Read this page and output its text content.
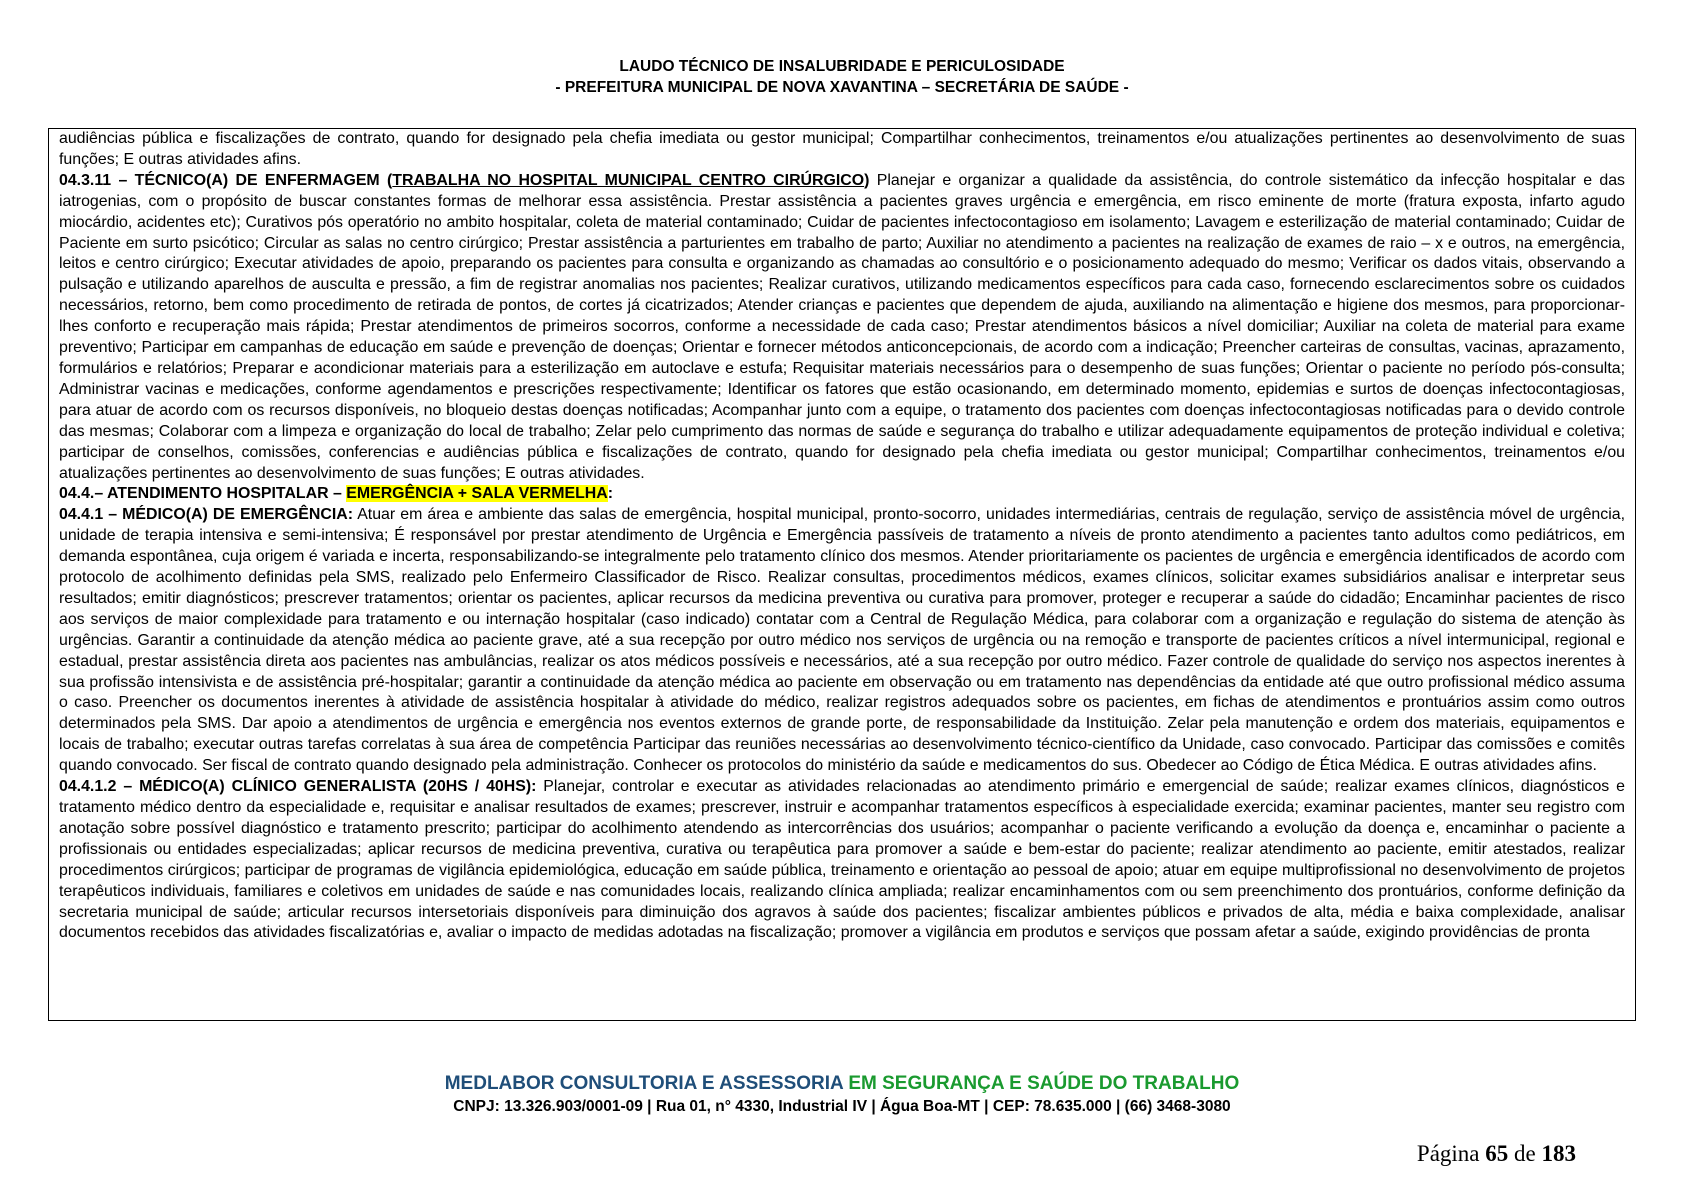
LAUDO TÉCNICO DE INSALUBRIDADE E PERICULOSIDADE
- PREFEITURA MUNICIPAL DE NOVA XAVANTINA – SECRETÁRIA DE SAÚDE -

audiências pública e fiscalizações de contrato, quando for designado pela chefia imediata ou gestor municipal; Compartilhar conhecimentos, treinamentos e/ou atualizações pertinentes ao desenvolvimento de suas funções; E outras atividades afins.

04.3.11 – TÉCNICO(A) DE ENFERMAGEM (TRABALHA NO HOSPITAL MUNICIPAL CENTRO CIRÚRGICO) Planejar e organizar a qualidade da assistência, do controle sistemático da infecção hospitalar e das iatrogenias, com o propósito de buscar constantes formas de melhorar essa assistência. Prestar assistência a pacientes graves urgência e emergência, em risco eminente de morte (fratura exposta, infarto agudo miocárdio, acidentes etc); Curativos pós operatório no ambito hospitalar, coleta de material contaminado; Cuidar de pacientes infectocontagioso em isolamento; Lavagem e esterilização de material contaminado; Cuidar de Paciente em surto psicótico; Circular as salas no centro cirúrgico; Prestar assistência a parturientes em trabalho de parto; Auxiliar no atendimento a pacientes na realização de exames de raio – x e outros, na emergência, leitos e centro cirúrgico; Executar atividades de apoio, preparando os pacientes para consulta e organizando as chamadas ao consultório e o posicionamento adequado do mesmo; Verificar os dados vitais, observando a pulsação e utilizando aparelhos de ausculta e pressão, a fim de registrar anomalias nos pacientes; Realizar curativos, utilizando medicamentos específicos para cada caso, fornecendo esclarecimentos sobre os cuidados necessários, retorno, bem como procedimento de retirada de pontos, de cortes já cicatrizados; Atender crianças e pacientes que dependem de ajuda, auxiliando na alimentação e higiene dos mesmos, para proporcionar-lhes conforto e recuperação mais rápida; Prestar atendimentos de primeiros socorros, conforme a necessidade de cada caso; Prestar atendimentos básicos a nível domiciliar; Auxiliar na coleta de material para exame preventivo; Participar em campanhas de educação em saúde e prevenção de doenças; Orientar e fornecer métodos anticoncepcionais, de acordo com a indicação; Preencher carteiras de consultas, vacinas, aprazamento, formulários e relatórios; Preparar e acondicionar materiais para a esterilização em autoclave e estufa; Requisitar materiais necessários para o desempenho de suas funções; Orientar o paciente no período pós-consulta; Administrar vacinas e medicações, conforme agendamentos e prescrições respectivamente; Identificar os fatores que estão ocasionando, em determinado momento, epidemias e surtos de doenças infectocontagiosas, para atuar de acordo com os recursos disponíveis, no bloqueio destas doenças notificadas; Acompanhar junto com a equipe, o tratamento dos pacientes com doenças infectocontagiosas notificadas para o devido controle das mesmas; Colaborar com a limpeza e organização do local de trabalho; Zelar pelo cumprimento das normas de saúde e segurança do trabalho e utilizar adequadamente equipamentos de proteção individual e coletiva; participar de conselhos, comissões, conferencias e audiências pública e fiscalizações de contrato, quando for designado pela chefia imediata ou gestor municipal; Compartilhar conhecimentos, treinamentos e/ou atualizações pertinentes ao desenvolvimento de suas funções; E outras atividades.

04.4.– ATENDIMENTO HOSPITALAR – EMERGÊNCIA + SALA VERMELHA:

04.4.1 – MÉDICO(A) DE EMERGÊNCIA: Atuar em área e ambiente das salas de emergência, hospital municipal, pronto-socorro, unidades intermediárias, centrais de regulação, serviço de assistência móvel de urgência, unidade de terapia intensiva e semi-intensiva; É responsável por prestar atendimento de Urgência e Emergência passíveis de tratamento a níveis de pronto atendimento a pacientes tanto adultos como pediátricos, em demanda espontânea, cuja origem é variada e incerta, responsabilizando-se integralmente pelo tratamento clínico dos mesmos. Atender prioritariamente os pacientes de urgência e emergência identificados de acordo com protocolo de acolhimento definidas pela SMS, realizado pelo Enfermeiro Classificador de Risco. Realizar consultas, procedimentos médicos, exames clínicos, solicitar exames subsidiários analisar e interpretar seus resultados; emitir diagnósticos; prescrever tratamentos; orientar os pacientes, aplicar recursos da medicina preventiva ou curativa para promover, proteger e recuperar a saúde do cidadão; Encaminhar pacientes de risco aos serviços de maior complexidade para tratamento e ou internação hospitalar (caso indicado) contatar com a Central de Regulação Médica, para colaborar com a organização e regulação do sistema de atenção às urgências. Garantir a continuidade da atenção médica ao paciente grave, até a sua recepção por outro médico nos serviços de urgência ou na remoção e transporte de pacientes críticos a nível intermunicipal, regional e estadual, prestar assistência direta aos pacientes nas ambulâncias, realizar os atos médicos possíveis e necessários, até a sua recepção por outro médico. Fazer controle de qualidade do serviço nos aspectos inerentes à sua profissão intensivista e de assistência pré-hospitalar; garantir a continuidade da atenção médica ao paciente em observação ou em tratamento nas dependências da entidade até que outro profissional médico assuma o caso. Preencher os documentos inerentes à atividade de assistência hospitalar à atividade do médico, realizar registros adequados sobre os pacientes, em fichas de atendimentos e prontuários assim como outros determinados pela SMS. Dar apoio a atendimentos de urgência e emergência nos eventos externos de grande porte, de responsabilidade da Instituição. Zelar pela manutenção e ordem dos materiais, equipamentos e locais de trabalho; executar outras tarefas correlatas à sua área de competência Participar das reuniões necessárias ao desenvolvimento técnico-científico da Unidade, caso convocado. Participar das comissões e comitês quando convocado. Ser fiscal de contrato quando designado pela administração. Conhecer os protocolos do ministério da saúde e medicamentos do sus. Obedecer ao Código de Ética Médica. E outras atividades afins.

04.4.1.2 – MÉDICO(A) CLÍNICO GENERALISTA (20HS / 40HS): Planejar, controlar e executar as atividades relacionadas ao atendimento primário e emergencial de saúde; realizar exames clínicos, diagnósticos e tratamento médico dentro da especialidade e, requisitar e analisar resultados de exames; prescrever, instruir e acompanhar tratamentos específicos à especialidade exercida; examinar pacientes, manter seu registro com anotação sobre possível diagnóstico e tratamento prescrito; participar do acolhimento atendendo as intercorrências dos usuários; acompanhar o paciente verificando a evolução da doença e, encaminhar o paciente a profissionais ou entidades especializadas; aplicar recursos de medicina preventiva, curativa ou terapêutica para promover a saúde e bem-estar do paciente; realizar atendimento ao paciente, emitir atestados, realizar procedimentos cirúrgicos; participar de programas de vigilância epidemiológica, educação em saúde pública, treinamento e orientação ao pessoal de apoio; atuar em equipe multiprofissional no desenvolvimento de projetos terapêuticos individuais, familiares e coletivos em unidades de saúde e nas comunidades locais, realizando clínica ampliada; realizar encaminhamentos com ou sem preenchimento dos prontuários, conforme definição da secretaria municipal de saúde; articular recursos intersetoriais disponíveis para diminuição dos agravos à saúde dos pacientes; fiscalizar ambientes públicos e privados de alta, média e baixa complexidade, analisar documentos recebidos das atividades fiscalizatórias e, avaliar o impacto de medidas adotadas na fiscalização; promover a vigilância em produtos e serviços que possam afetar a saúde, exigindo providências de pronta

MEDLABOR CONSULTORIA E ASSESSORIA EM SEGURANÇA E SAÚDE DO TRABALHO
CNPJ: 13.326.903/0001-09 | Rua 01, n° 4330, Industrial IV | Água Boa-MT | CEP: 78.635.000 | (66) 3468-3080
Página 65 de 183
